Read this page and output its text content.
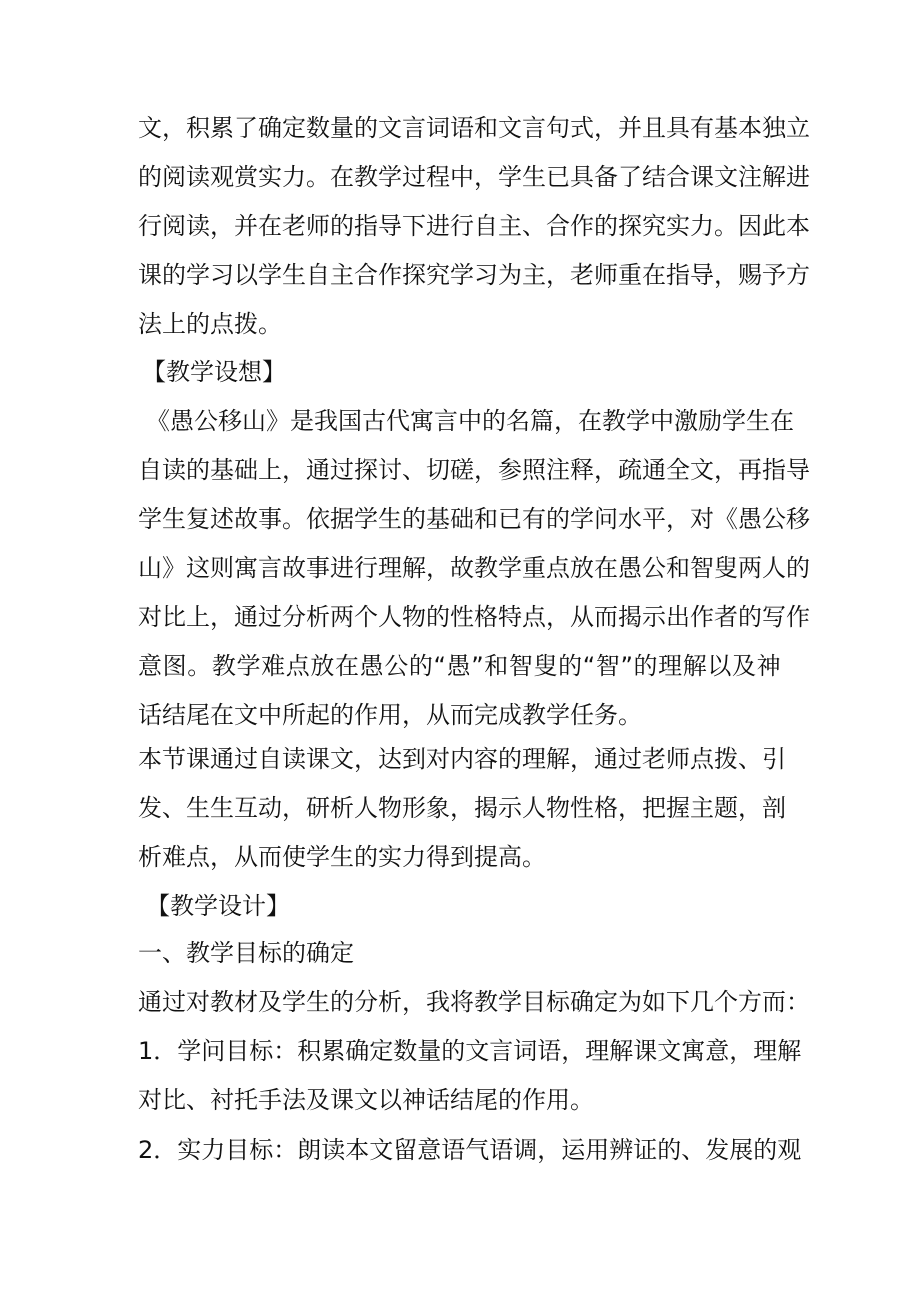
文 ， 积 累 了 确 定 数 量 的 文 言 词 语 和 文 言 句 式 ， 并 且 具 有 基 本 独 立
的 阅 读 观 赏 实 力 。 在 教 学 过 程 中 ， 学 生 已 具 备 了 结 合 课 文 注 解 进
行 阅 读 ， 并 在 老 师 的 指 导 下 进 行 自 主 、 合 作 的 探 究 实 力 。 因 此 本
课 的 学 习 以 学 生 自 主 合 作 探 究 学 习 为 主 ， 老 师 重 在 指 导 ， 赐 予 方
法上的点拨。
【教学设想】
《 愚 公 移 山 》 是 我 国 古 代 寓 言 中 的 名 篇 ， 在 教 学 中 激 励 学 生 在
自 读 的 基 础 上 ， 通 过 探 讨 、 切 磋 ， 参 照 注 释 ， 疏 通 全 文 ， 再 指 导
学 生 复 述 故 事 。 依 据 学 生 的 基 础 和 已 有 的 学 问 水 平 ， 对 《 愚 公 移
山 》 这 则 寓 言 故 事 进 行 理 解 ， 故 教 学 重 点 放 在 愚 公 和 智 叟 两 人 的
对 比 上 ， 通 过 分 析 两 个 人 物 的 性 格 特 点 ， 从 而 揭 示 出 作 者 的 写 作
意 图 。 教 学 难 点 放 在 愚 公 的 “ 愚 ” 和 智 叟 的 “ 智 ” 的 理 解 以 及 神
话结尾在文中所起的作用，从而完成教学任务。
本 节 课 通 过 自 读 课 文 ， 达 到 对 内 容 的 理 解 ， 通 过 老 师 点 拨 、 引
发 、 生 生 互 动 ， 研 析 人 物 形 象 ， 揭 示 人 物 性 格 ， 把 握 主 题 ， 剖
析难点，从而使学生的实力得到提高。
【教学设计】
一、教学目标的确定
通 过 对 教 材 及 学 生 的 分 析 ， 我 将 教 学 目 标 确 定 为 如 下 几 个 方 而 ：
1 ． 学 问 目 标 ： 积 累 确 定 数 量 的 文 言 词 语 ， 理 解 课 文 寓 意 ， 理 解
对比、衬托手法及课文以神话结尾的作用。
2 ． 实 力 目 标 ： 朗 读 本 文 留 意 语 气 语 调 ， 运 用 辨 证 的 、 发 展 的 观
